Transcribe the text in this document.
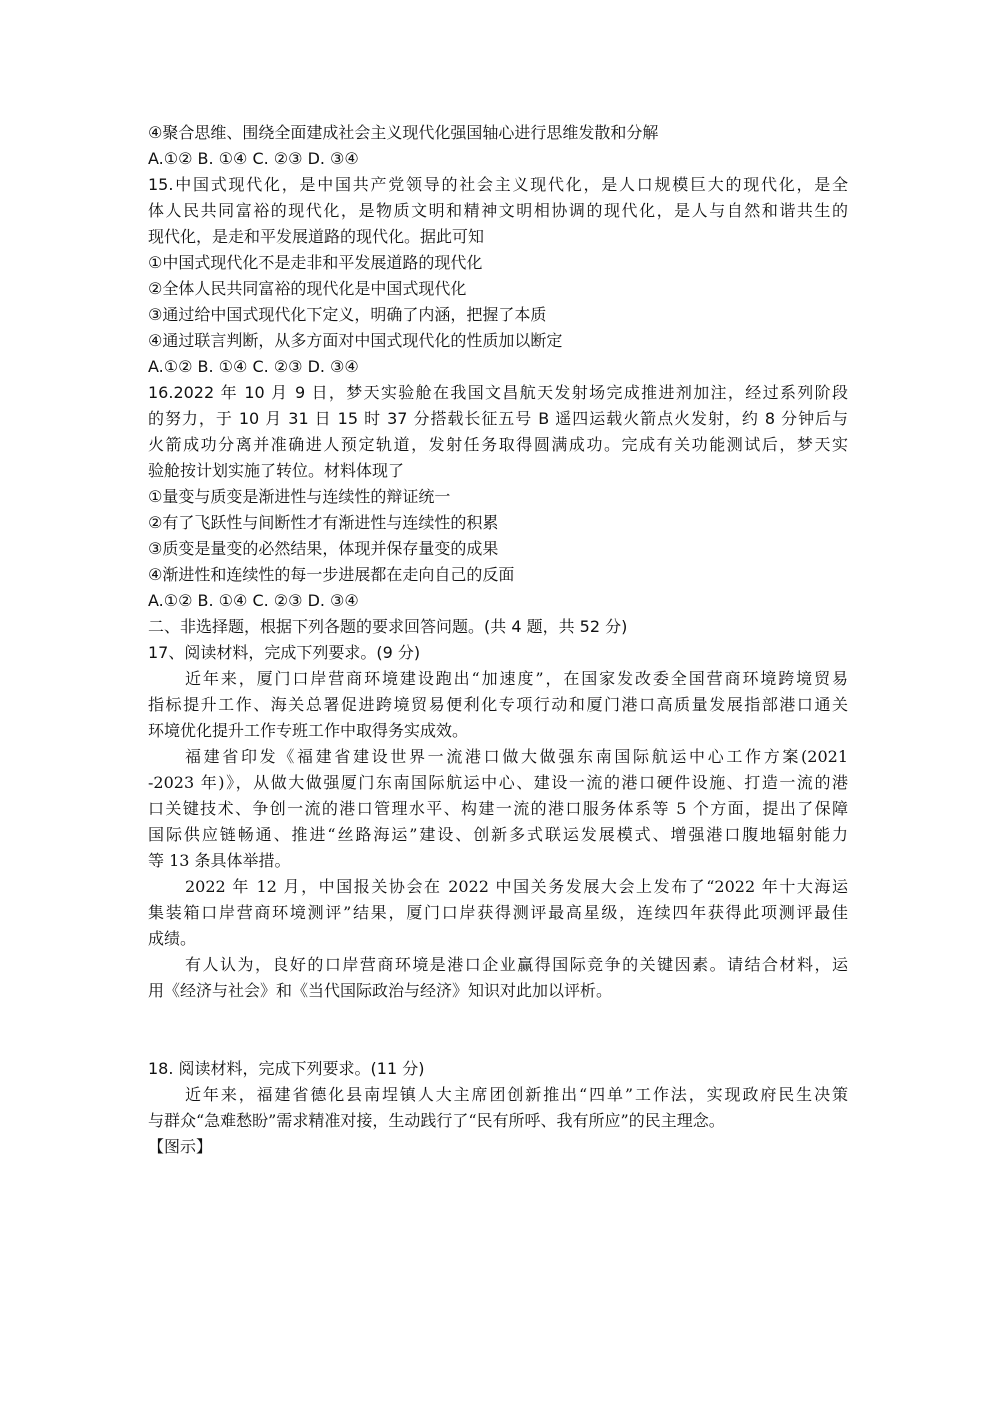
④聚合思维、围绕全面建成社会主义现代化强国轴心进行思维发散和分解
A.①② B. ①④ C. ②③ D. ③④
15.中国式现代化，是中国共产党领导的社会主义现代化，是人口规模巨大的现代化，是全
体人民共同富裕的现代化，是物质文明和精神文明相协调的现代化，是人与自然和谐共生的
现代化，是走和平发展道路的现代化。据此可知
①中国式现代化不是走非和平发展道路的现代化
②全体人民共同富裕的现代化是中国式现代化
③通过给中国式现代化下定义，明确了内涵，把握了本质
④通过联言判断，从多方面对中国式现代化的性质加以断定
A.①② B. ①④ C. ②③ D. ③④
16.2022 年 10 月 9 日，梦天实验舱在我国文昌航天发射场完成推进剂加注，经过系列阶段
的努力，于 10 月 31 日 15 时 37 分搭载长征五号 B 遥四运载火箭点火发射，约 8 分钟后与
火箭成功分离并准确进人预定轨道，发射任务取得圆满成功。完成有关功能测试后，梦天实
验舱按计划实施了转位。材料体现了
①量变与质变是渐进性与连续性的辩证统一
②有了飞跃性与间断性才有渐进性与连续性的积累
③质变是量变的必然结果，体现并保存量变的成果
④渐进性和连续性的每一步进展都在走向自己的反面
A.①② B. ①④ C. ②③ D. ③④
二、非选择题，根据下列各题的要求回答问题。(共 4 题，共 52 分)
17、阅读材料，完成下列要求。(9 分)
近年来，厦门口岸营商环境建设跑出“加速度”，在国家发改委全国营商环境跨境贸易
指标提升工作、海关总署促进跨境贸易便利化专项行动和厦门港口高质量发展指部港口通关
环境优化提升工作专班工作中取得务实成效。
福建省印发《福建省建设世界一流港口做大做强东南国际航运中心工作方案(2021
-2023 年)》，从做大做强厦门东南国际航运中心、建设一流的港口硬件设施、打造一流的港
口关键技术、争创一流的港口管理水平、构建一流的港口服务体系等 5 个方面，提出了保障
国际供应链畅通、推进“丝路海运”建设、创新多式联运发展模式、增强港口腹地辐射能力
等 13 条具体举措。
2022 年 12 月，中国报关协会在 2022 中国关务发展大会上发布了“2022 年十大海运
集装箱口岸营商环境测评”结果，厦门口岸获得测评最高星级，连续四年获得此项测评最佳
成绩。
有人认为，良好的口岸营商环境是港口企业赢得国际竞争的关键因素。请结合材料，运
用《经济与社会》和《当代国际政治与经济》知识对此加以评析。
18. 阅读材料，完成下列要求。(11 分)
近年来，福建省德化县南埕镇人大主席团创新推出“四单”工作法，实现政府民生决策
与群众“急难愁盼”需求精准对接，生动践行了“民有所呼、我有所应”的民主理念。
【图示】
